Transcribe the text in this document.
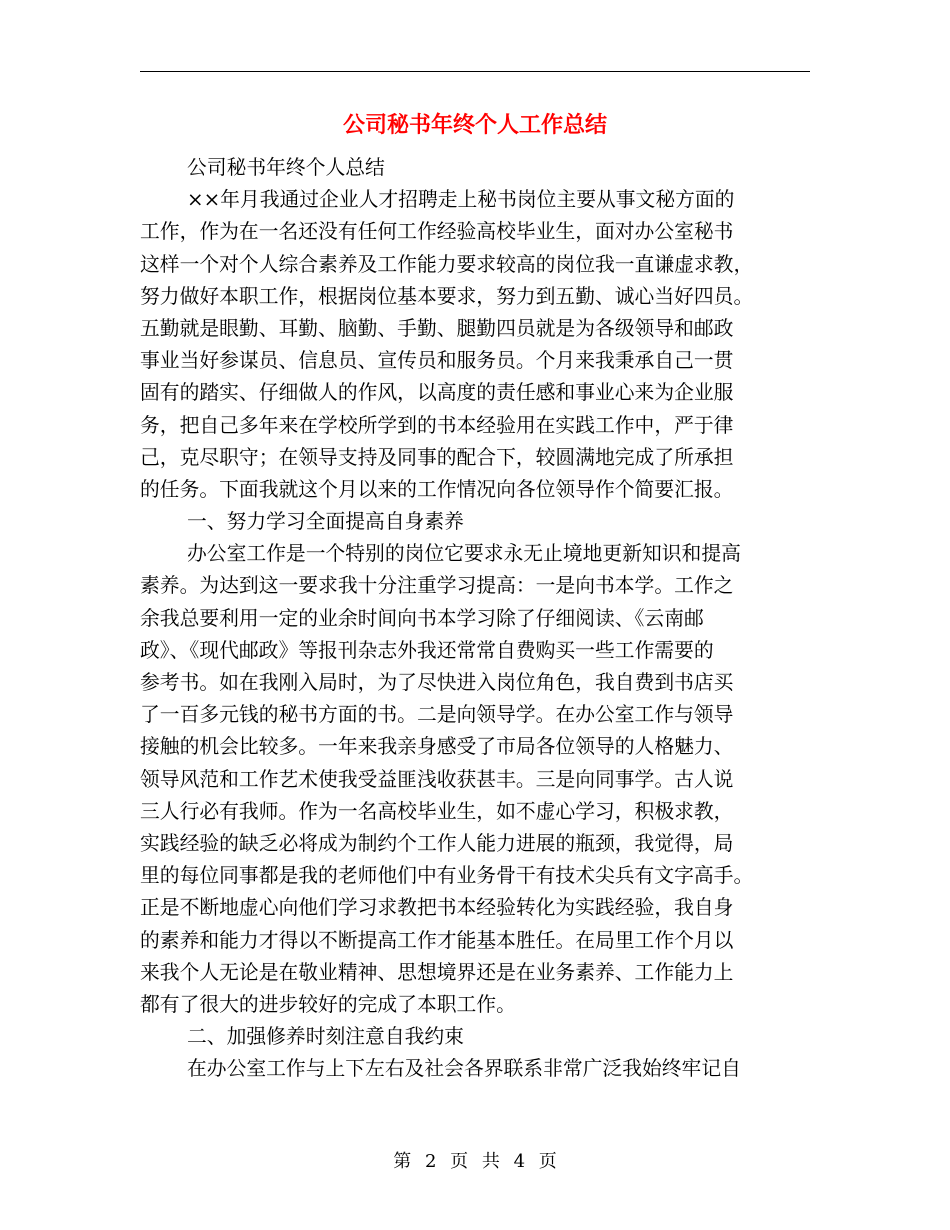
公司秘书年终个人工作总结
公司秘书年终个人总结
××年月我通过企业人才招聘走上秘书岗位主要从事文秘方面的
工作，作为在一名还没有任何工作经验高校毕业生，面对办公室秘书
这样一个对个人综合素养及工作能力要求较高的岗位我一直谦虚求教，
努力做好本职工作，根据岗位基本要求，努力到五勤、诚心当好四员。
五勤就是眼勤、耳勤、脑勤、手勤、腿勤四员就是为各级领导和邮政
事业当好参谋员、信息员、宣传员和服务员。个月来我秉承自己一贯
固有的踏实、仔细做人的作风，以高度的责任感和事业心来为企业服
务，把自己多年来在学校所学到的书本经验用在实践工作中，严于律
己，克尽职守；在领导支持及同事的配合下，较圆满地完成了所承担
的任务。下面我就这个月以来的工作情况向各位领导作个简要汇报。
一、努力学习全面提高自身素养
办公室工作是一个特别的岗位它要求永无止境地更新知识和提高
素养。为达到这一要求我十分注重学习提高：一是向书本学。工作之
余我总要利用一定的业余时间向书本学习除了仔细阅读、《云南邮
政》、《现代邮政》等报刊杂志外我还常常自费购买一些工作需要的
参考书。如在我刚入局时，为了尽快进入岗位角色，我自费到书店买
了一百多元钱的秘书方面的书。二是向领导学。在办公室工作与领导
接触的机会比较多。一年来我亲身感受了市局各位领导的人格魅力、
领导风范和工作艺术使我受益匪浅收获甚丰。三是向同事学。古人说
三人行必有我师。作为一名高校毕业生，如不虚心学习，积极求教，
实践经验的缺乏必将成为制约个工作人能力进展的瓶颈，我觉得，局
里的每位同事都是我的老师他们中有业务骨干有技术尖兵有文字高手。
正是不断地虚心向他们学习求教把书本经验转化为实践经验，我自身
的素养和能力才得以不断提高工作才能基本胜任。在局里工作个月以
来我个人无论是在敬业精神、思想境界还是在业务素养、工作能力上
都有了很大的进步较好的完成了本职工作。
二、加强修养时刻注意自我约束
在办公室工作与上下左右及社会各界联系非常广泛我始终牢记自
第 2 页 共 4 页
